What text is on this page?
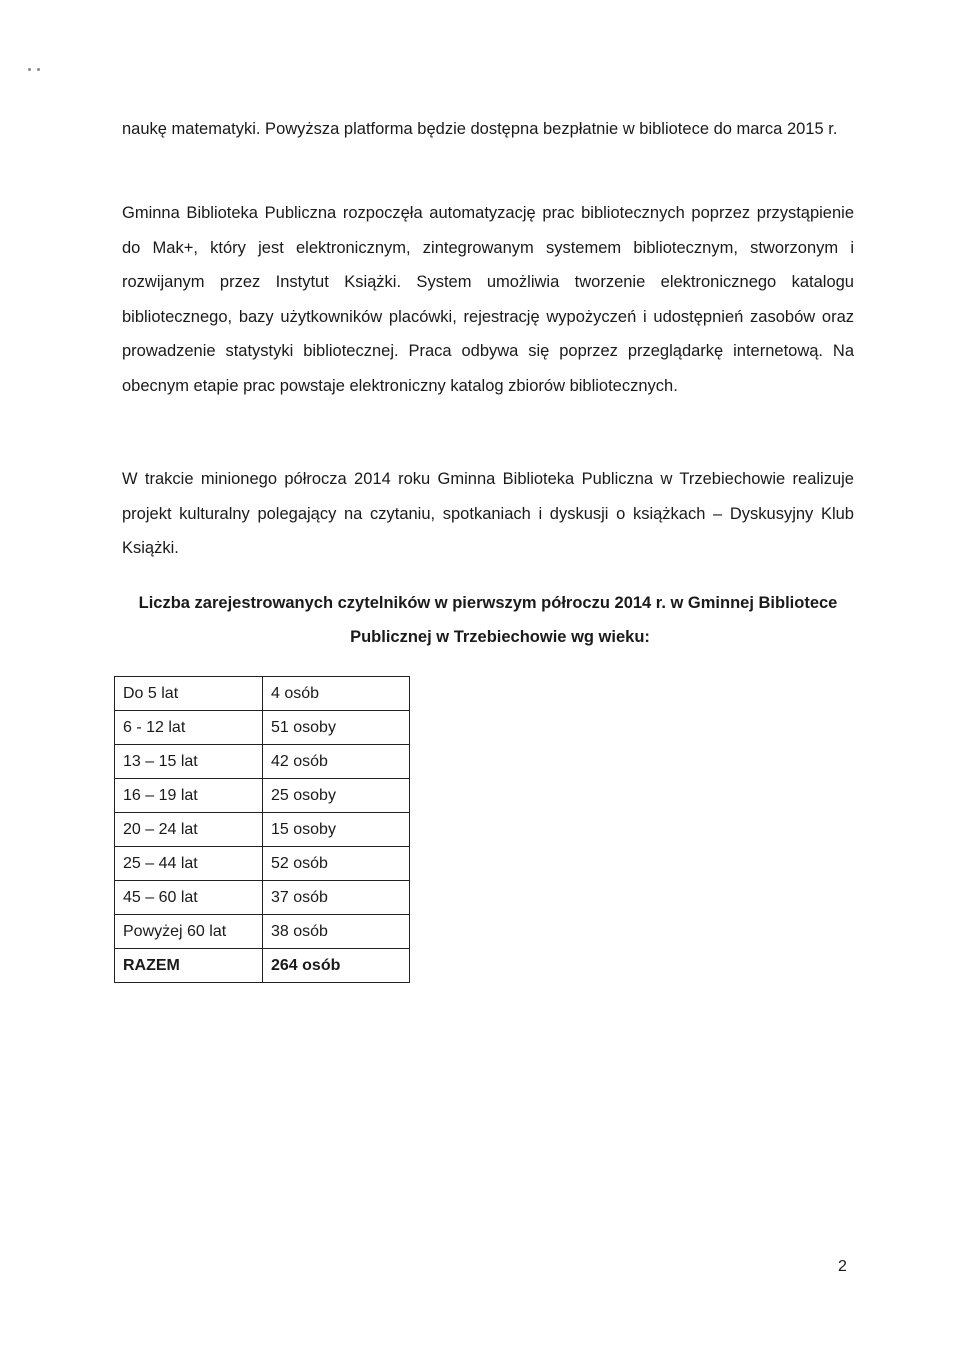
naukę matematyki. Powyższa platforma będzie dostępna bezpłatnie w bibliotece do marca 2015 r.

Gminna Biblioteka Publiczna rozpoczęła automatyzację prac bibliotecznych poprzez przystąpienie do Mak+, który jest elektronicznym, zintegrowanym systemem bibliotecznym, stworzonym i rozwijanym przez Instytut Książki. System umożliwia tworzenie elektronicznego katalogu bibliotecznego, bazy użytkowników placówki, rejestrację wypożyczeń i udostępnień zasobów oraz prowadzenie statystyki bibliotecznej. Praca odbywa się poprzez przeglądarkę internetową. Na obecnym etapie prac powstaje elektroniczny katalog zbiorów bibliotecznych.

W trakcie minionego półrocza 2014 roku Gminna Biblioteka Publiczna w Trzebiechowie realizuje projekt kulturalny polegający na czytaniu, spotkaniach i dyskusji o książkach – Dyskusyjny Klub Książki.

Liczba zarejestrowanych czytelników w pierwszym półroczu 2014 r. w Gminnej Bibliotece

Publicznej w Trzebiechowie wg wieku:

Do 5 lat	4 osób
6 - 12 lat	51 osoby
13 – 15 lat	42 osób
16 – 19 lat	25 osoby
20 – 24 lat	15 osoby
25 – 44 lat	52 osób
45 – 60 lat	37 osób
Powyżej 60 lat	38 osób
RAZEM	264 osób
2
